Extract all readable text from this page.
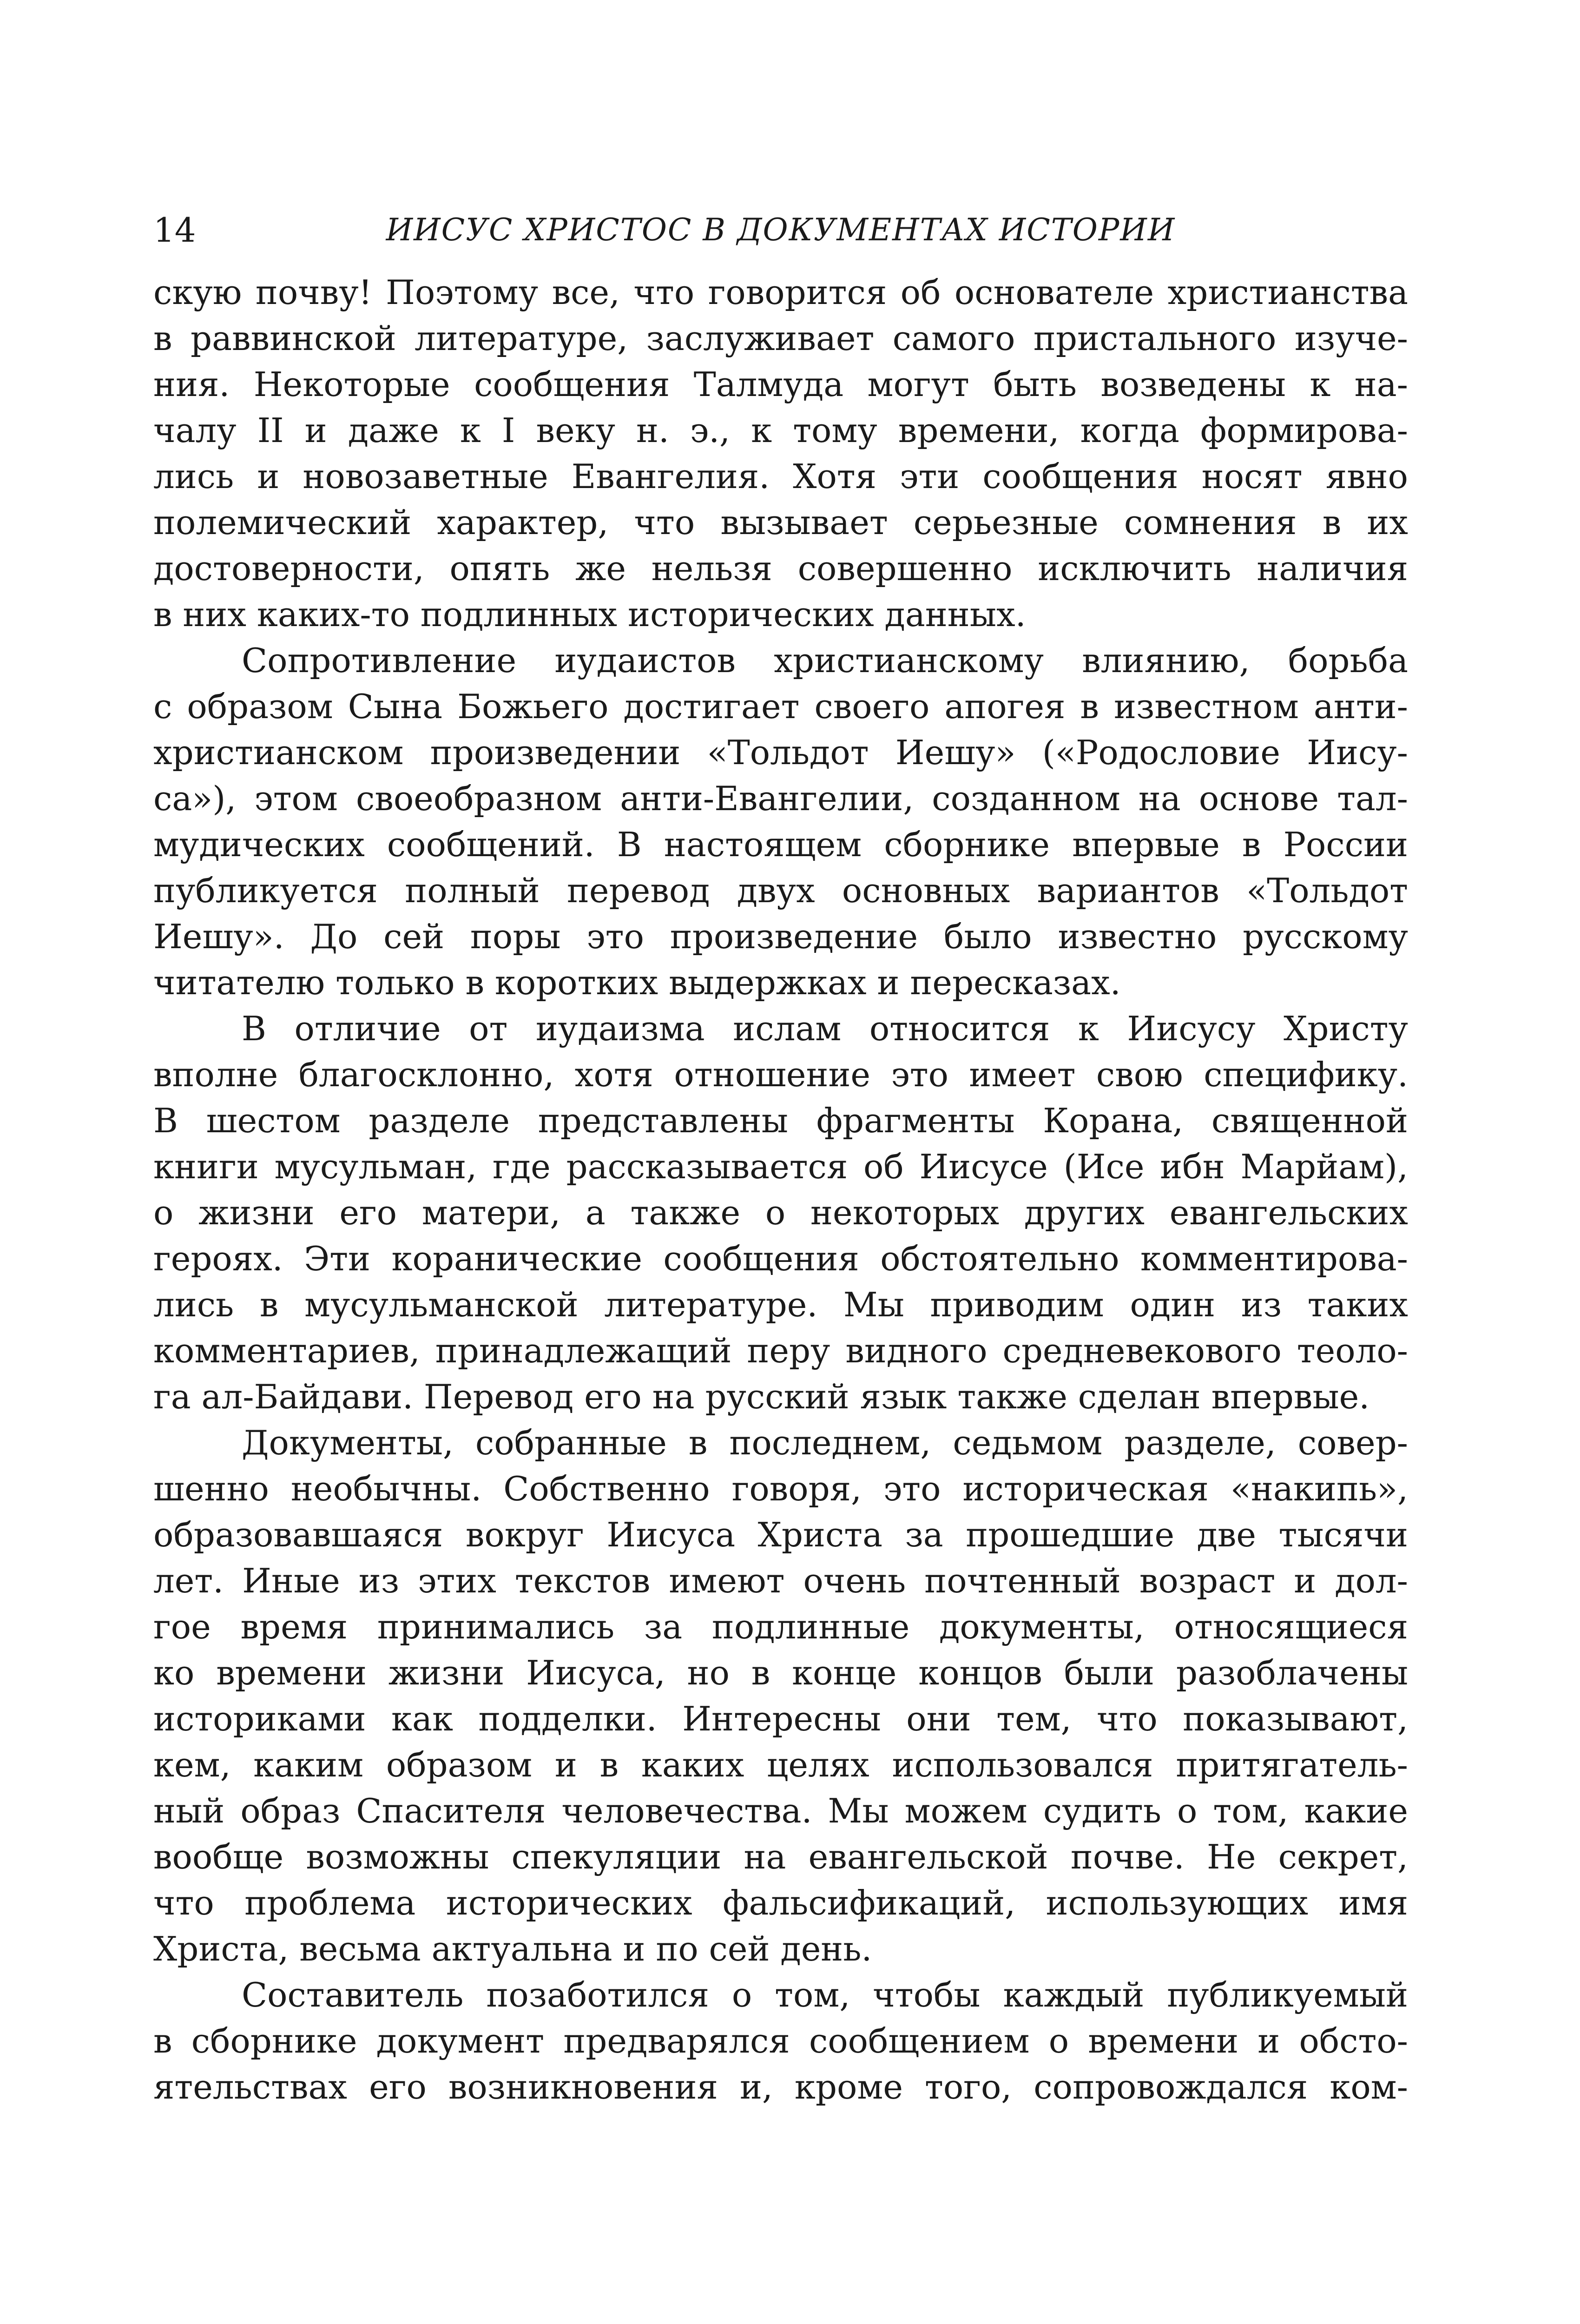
14	ИИСУС ХРИСТОС В ДОКУМЕНТАХ ИСТОРИИ
скую почву! Поэтому все, что говорится об основателе христианства
в раввинской литературе, заслуживает самого пристального изуче-
ния. Некоторые сообщения Талмуда могут быть возведены к на-
чалу II и даже к I веку н. э., к тому времени, когда формирова-
лись и новозаветные Евангелия. Хотя эти сообщения носят явно
полемический характер, что вызывает серьезные сомнения в их
достоверности, опять же нельзя совершенно исключить наличия
в них каких-то подлинных исторических данных.
Сопротивление иудаистов христианскому влиянию, борьба
с образом Сына Божьего достигает своего апогея в известном анти-
христианском произведении «Тольдот Иешу» («Родословие Иису-
са»), этом своеобразном анти-Евангелии, созданном на основе тал-
мудических сообщений. В настоящем сборнике впервые в России
публикуется полный перевод двух основных вариантов «Тольдот
Иешу». До сей поры это произведение было известно русскому
читателю только в коротких выдержках и пересказах.
В отличие от иудаизма ислам относится к Иисусу Христу
вполне благосклонно, хотя отношение это имеет свою специфику.
В шестом разделе представлены фрагменты Корана, священной
книги мусульман, где рассказывается об Иисусе (Исе ибн Марйам),
о жизни его матери, а также о некоторых других евангельских
героях. Эти коранические сообщения обстоятельно комментирова-
лись в мусульманской литературе. Мы приводим один из таких
комментариев, принадлежащий перу видного средневекового теоло-
га ал-Байдави. Перевод его на русский язык также сделан впервые.
Документы, собранные в последнем, седьмом разделе, совер-
шенно необычны. Собственно говоря, это историческая «накипь»,
образовавшаяся вокруг Иисуса Христа за прошедшие две тысячи
лет. Иные из этих текстов имеют очень почтенный возраст и дол-
гое время принимались за подлинные документы, относящиеся
ко времени жизни Иисуса, но в конце концов были разоблачены
историками как подделки. Интересны они тем, что показывают,
кем, каким образом и в каких целях использовался притягатель-
ный образ Спасителя человечества. Мы можем судить о том, какие
вообще возможны спекуляции на евангельской почве. Не секрет,
что проблема исторических фальсификаций, использующих имя
Христа, весьма актуальна и по сей день.
Составитель позаботился о том, чтобы каждый публикуемый
в сборнике документ предварялся сообщением о времени и обсто-
ятельствах его возникновения и, кроме того, сопровождался ком-
